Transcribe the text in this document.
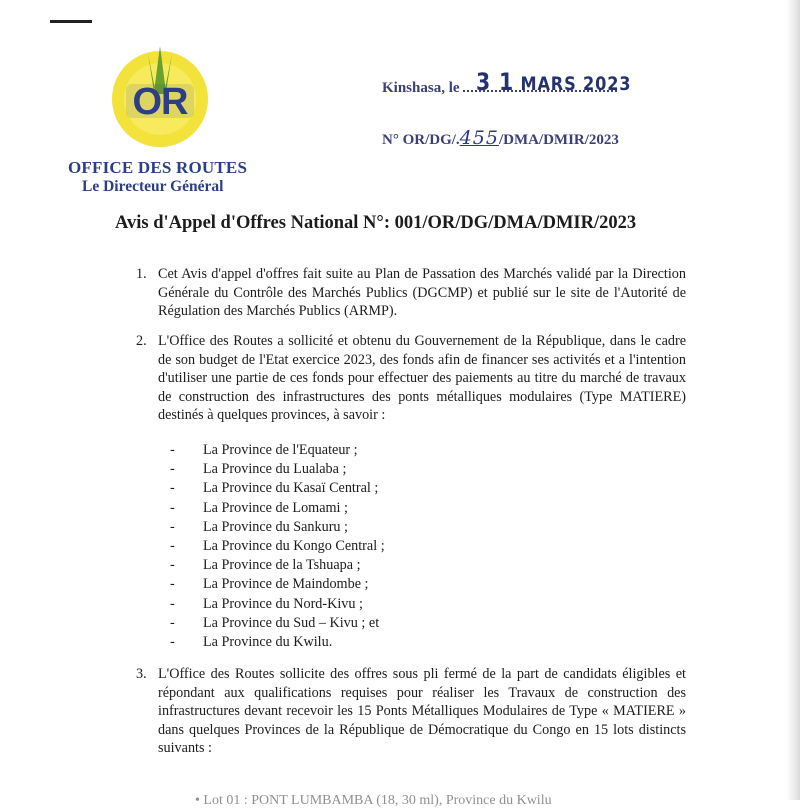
OR
OFFICE DES ROUTES
Le Directeur Général
Kinshasa, le 3 1 MARS 2023
N° OR/DG/.455/DMA/DMIR/2023
Avis d'Appel d'Offres National N°: 001/OR/DG/DMA/DMIR/2023
1. Cet Avis d'appel d'offres fait suite au Plan de Passation des Marchés validé par la Direction Générale du Contrôle des Marchés Publics (DGCMP) et publié sur le site de l'Autorité de Régulation des Marchés Publics (ARMP).
2. L'Office des Routes a sollicité et obtenu du Gouvernement de la République, dans le cadre de son budget de l'Etat exercice 2023, des fonds afin de financer ses activités et a l'intention d'utiliser une partie de ces fonds pour effectuer des paiements au titre du marché de travaux de construction des infrastructures des ponts métalliques modulaires (Type MATIERE) destinés à quelques provinces, à savoir :
- La Province de l'Equateur ;
- La Province du Lualaba ;
- La Province du Kasaï Central ;
- La Province de Lomami ;
- La Province du Sankuru ;
- La Province du Kongo Central ;
- La Province de la Tshuapa ;
- La Province de Maindombe ;
- La Province du Nord-Kivu ;
- La Province du Sud – Kivu ; et
- La Province du Kwilu.
3. L'Office des Routes sollicite des offres sous pli fermé de la part de candidats éligibles et répondant aux qualifications requises pour réaliser les Travaux de construction des infrastructures devant recevoir les 15 Ponts Métalliques Modulaires de Type « MATIERE » dans quelques Provinces de la République de Démocratique du Congo en 15 lots distincts suivants :
• Lot 01 : PONT LUMBAMBA (18, 30 ml), Province du Kwilu
